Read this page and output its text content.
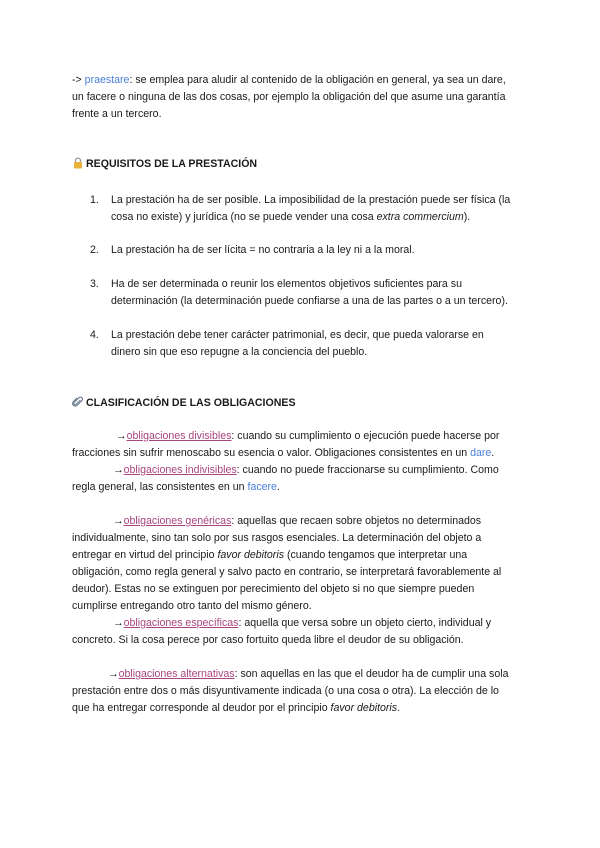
-> praestare: se emplea para aludir al contenido de la obligación en general, ya sea un dare,
un facere o ninguna de las dos cosas, por ejemplo la obligación del que asume una garantía
frente a un tercero.
REQUISITOS DE LA PRESTACIÓN
1. La prestación ha de ser posible. La imposibilidad de la prestación puede ser física (la
cosa no existe) y jurídica (no se puede vender una cosa extra commercium).
2. La prestación ha de ser lícita = no contraria a la ley ni a la moral.
3. Ha de ser determinada o reunir los elementos objetivos suficientes para su
determinación (la determinación puede confiarse a una de las partes o a un tercero).
4. La prestación debe tener carácter patrimonial, es decir, que pueda valorarse en
dinero sin que eso repugne a la conciencia del pueblo.
CLASIFICACIÓN DE LAS OBLIGACIONES
→obligaciones divisibles: cuando su cumplimiento o ejecución puede hacerse por
fracciones sin sufrir menoscabo su esencia o valor. Obligaciones consistentes en un dare.
→obligaciones indivisibles: cuando no puede fraccionarse su cumplimiento. Como
regla general, las consistentes en un facere.
→obligaciones genéricas: aquellas que recaen sobre objetos no determinados
individualmente, sino tan solo por sus rasgos esenciales. La determinación del objeto a
entregar en virtud del principio favor debitoris (cuando tengamos que interpretar una
obligación, como regla general y salvo pacto en contrario, se interpretará favorablemente al
deudor). Estas no se extinguen por perecimiento del objeto si no que siempre pueden
cumplirse entregando otro tanto del mismo género.
→obligaciones específicas: aquella que versa sobre un objeto cierto, individual y
concreto. Si la cosa perece por caso fortuito queda libre el deudor de su obligación.
→obligaciones alternativas: son aquellas en las que el deudor ha de cumplir una sola
prestación entre dos o más disyuntivamente indicada (o una cosa o otra). La elección de lo
que ha entregar corresponde al deudor por el principio favor debitoris.
